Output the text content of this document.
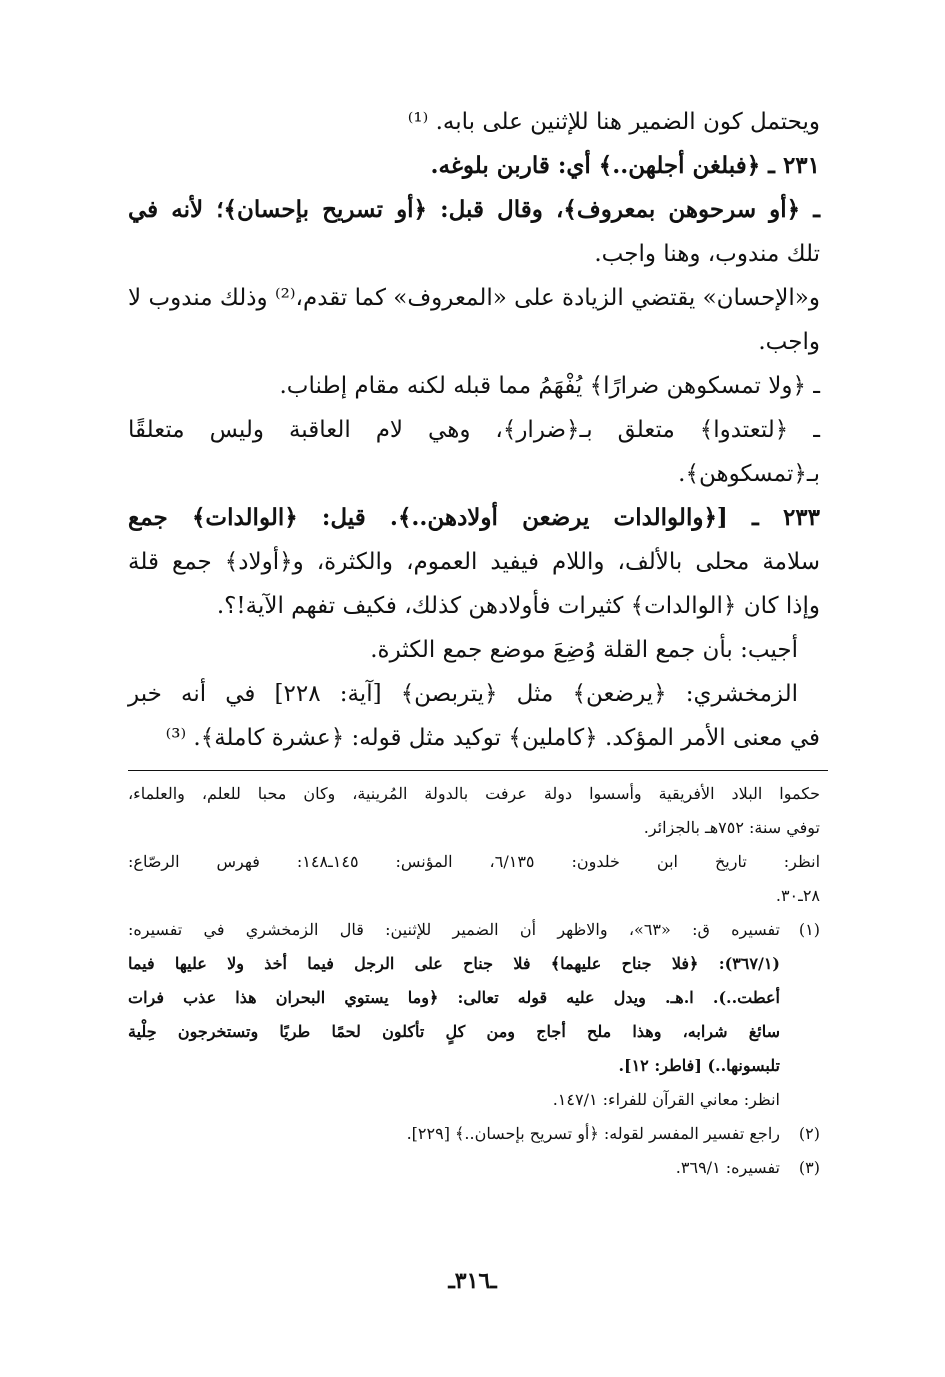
ويحتمل كون الضمير هنا للإثنين على بابه. ⁽¹⁾

٢٣١ ـ ﴿فبلغن أجلهن..﴾ أي: قاربن بلوغه.

ـ ﴿أو سرحوهن بمعروف﴾، وقال قبل: ﴿أو تسريح بإحسان﴾؛ لأنه في

تلك مندوب، وهنا واجب.

و«الإحسان» يقتضي الزيادة على «المعروف» كما تقدم،⁽²⁾ وذلك مندوب لا

واجب.

ـ ﴿ولا تمسكوهن ضرارًا﴾ يُفْهَمُ مما قبله لكنه مقام إطناب.

ـ ﴿لتعتدوا﴾ متعلق بـ﴿ضرار﴾، وهي لام العاقبة وليس متعلقًا

بـ﴿تمسكوهن﴾.

٢٣٣ ـ [﴿والوالدات يرضعن أولادهن..﴾. قيل: ﴿الوالدات﴾ جمع

سلامة محلى بالألف، واللام فيفيد العموم، والكثرة، و﴿أولاد﴾ جمع قلة

وإذا كان ﴿الوالدات﴾ كثيرات فأولادهن كذلك، فكيف تفهم الآية!؟.

أجيب: بأن جمع القلة وُضِعَ موضع جمع الكثرة.

الزمخشري: ﴿يرضعن﴾ مثل ﴿يتربصن﴾ [آية: ٢٢٨] في أنه خبر

في معنى الأمر المؤكد. ﴿كاملين﴾ توكيد مثل قوله: ﴿عشرة كاملة﴾. ⁽³⁾

حكموا البلاد الأفريقية وأسسوا دولة عرفت بالدولة المُرينية، وكان محبا للعلم، والعلماء،

توفي سنة: ٧٥٢هـ بالجزائر.

انظر: تاريخ ابن خلدون: ٦/١٣٥، المؤنس: ١٤٥ـ١٤٨: فهرس الرصّاع:

٢٨ـ٣٠.

(١)

تفسيره ق: «٦٣»، والاظهر أن الضمير للإثنين: قال الزمخشري في تفسيره:

(٣٦٧/١): ﴿فلا جناح عليهما﴾ فلا جناح على الرجل فيما أخذ ولا عليها فيما

أعطت..). ا.هـ. ويدل عليه قوله تعالى: ﴿وما يستوي البحران هذا عذب فرات

سائغ شرابه، وهذا ملح أجاج ومن كلٍ تأكلون لحمًا طريًا وتستخرجون حِلْية

تلبسونها..) [فاطر: ١٢].

انظر: معاني القرآن للفراء: ١٤٧/١.

(٢)

راجع تفسير المفسر لقوله: ﴿أو تسريح بإحسان..﴾ [٢٢٩].

(٣)

تفسيره: ٣٦٩/١.

ـ٣١٦ـ
